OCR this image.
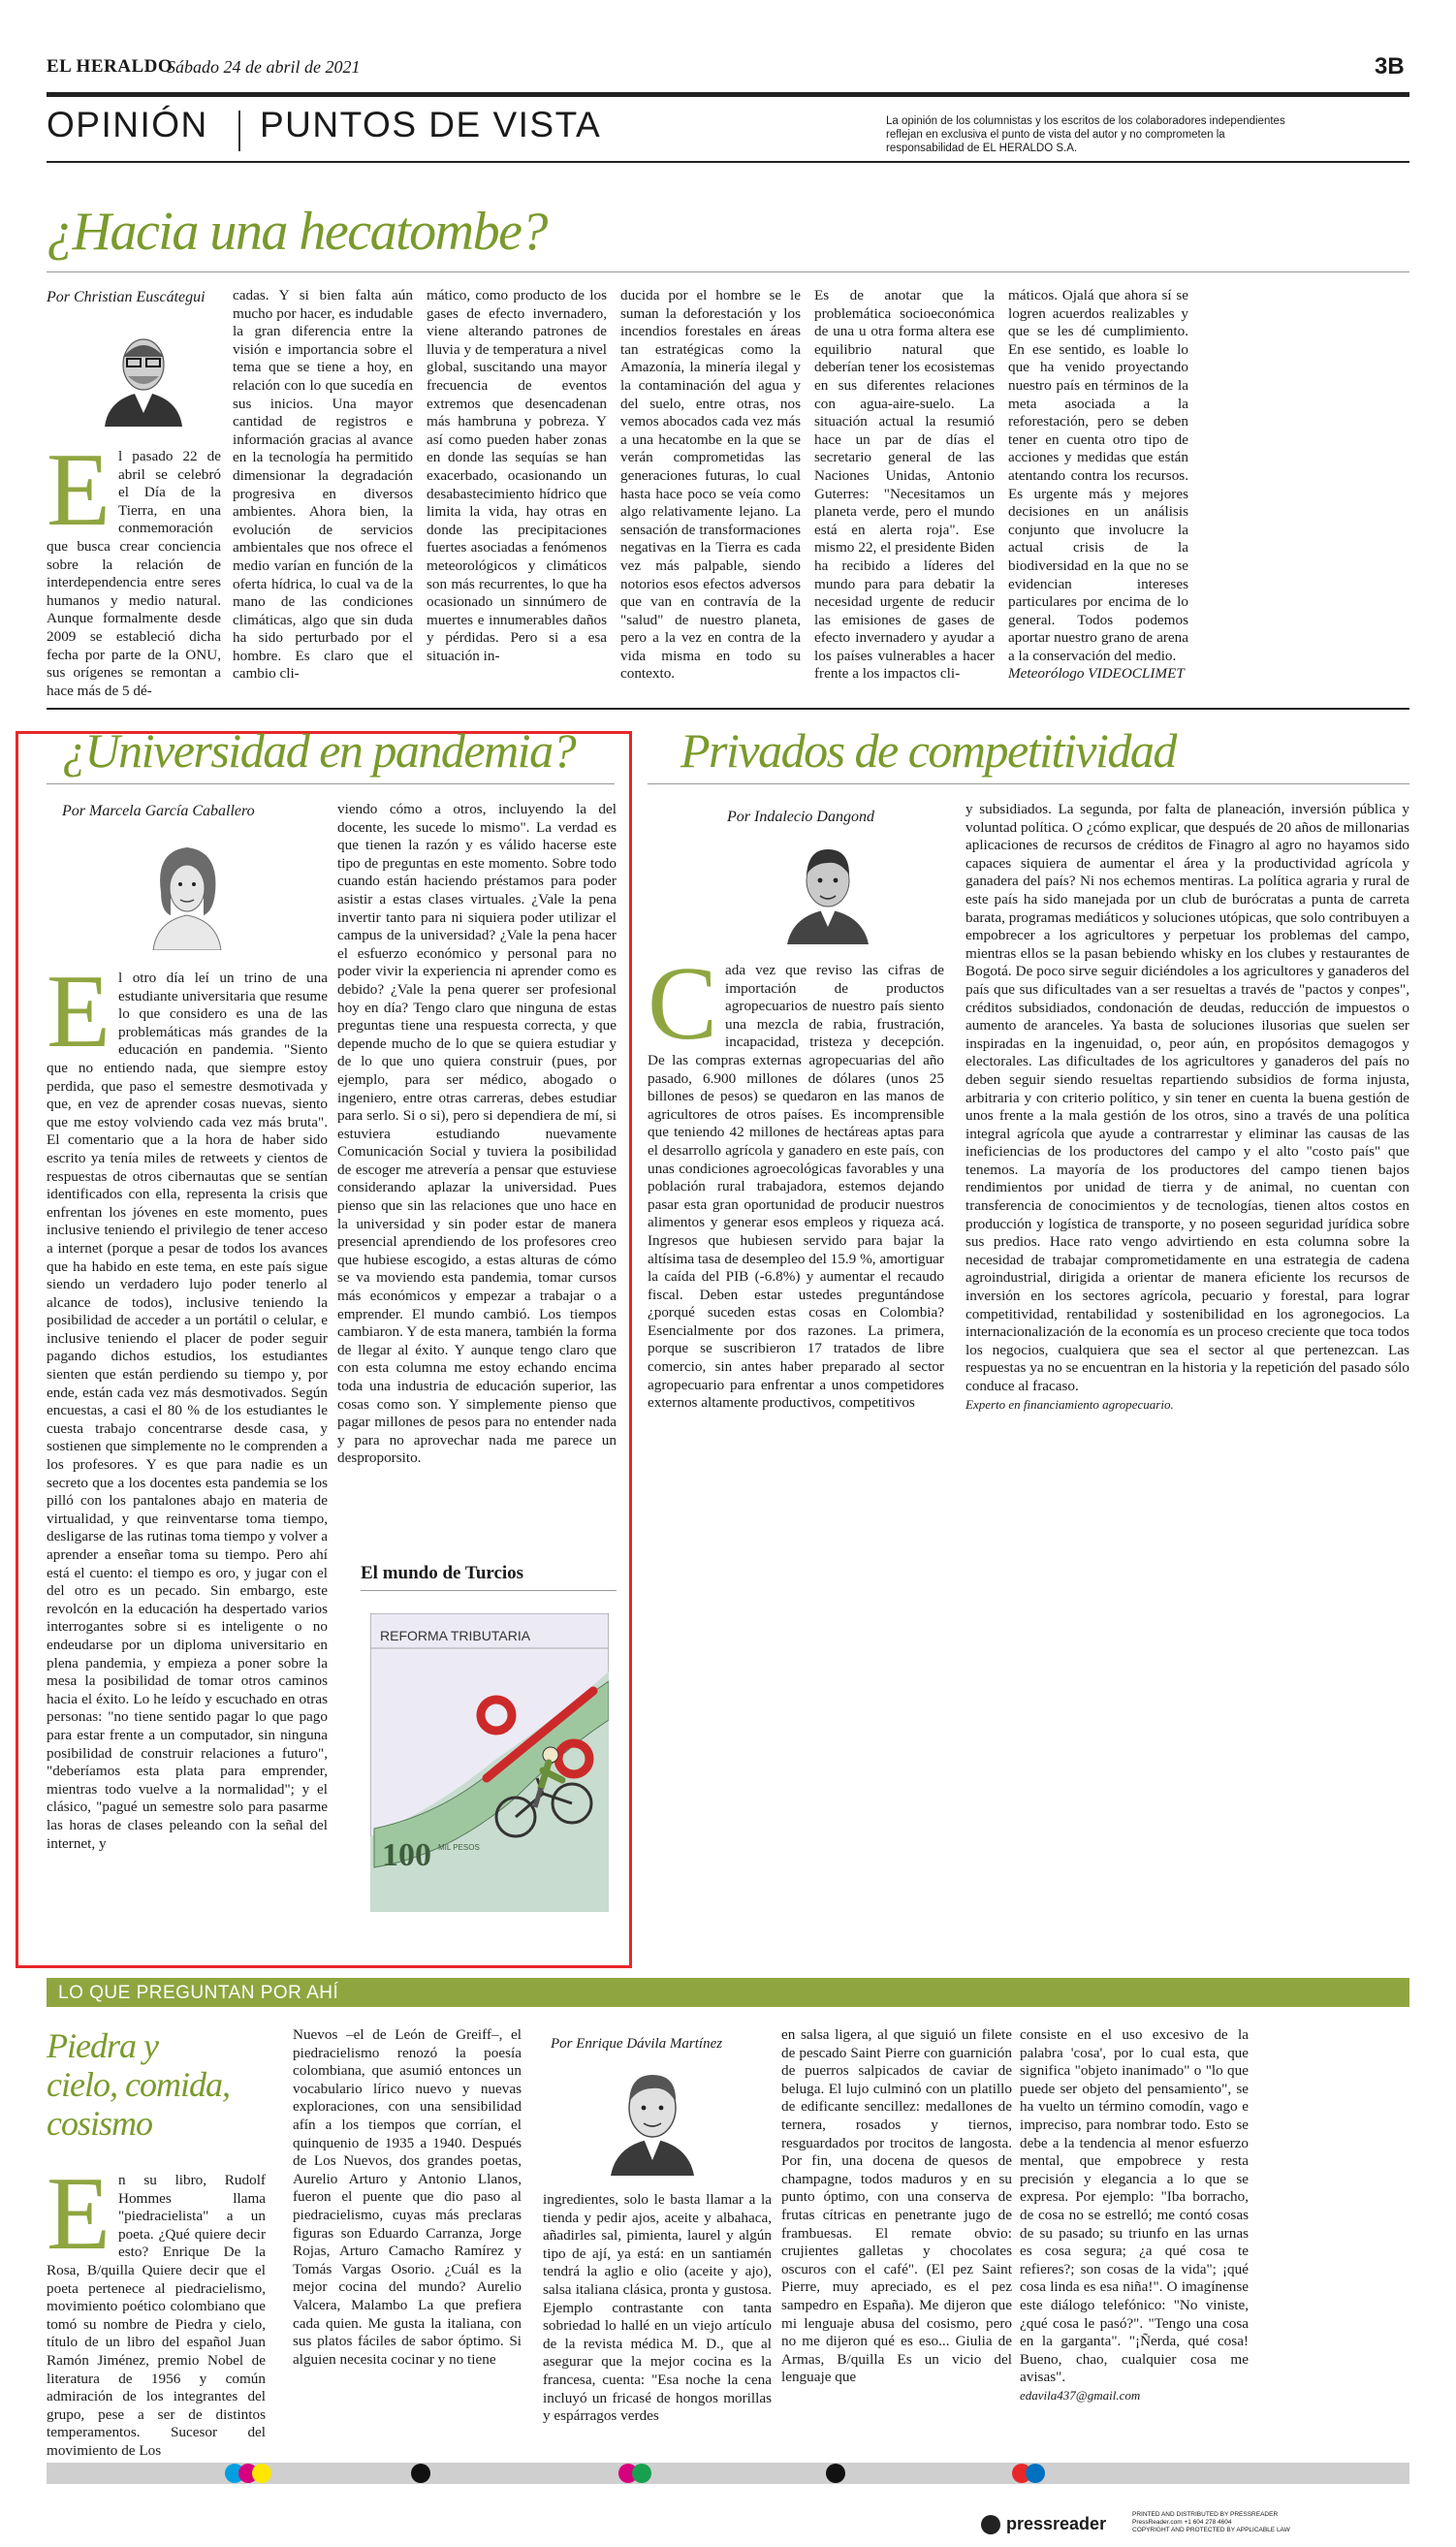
EL HERALDO
Sábado 24 de abril de 2021	3B
OPINIÓN PUNTOS DE VISTA	La opinión de los columnistas y los escritos de los colaboradores independientes reflejan en exclusiva el punto de vista del autor y no comprometen la responsabilidad de EL HERALDO S.A.
¿Hacia una hecatombe?
Por Christian Euscátegui
E l pasado 22 de abril se celebró el Día de la Tierra, en una conmemoración que busca crear conciencia sobre la relación de interdependencia entre seres humanos y medio natural. Aunque formalmente desde 2009 se estableció dicha fecha por parte de la ONU, sus orígenes se remontan a hace más de 5 dé-
cadas. Y si bien falta aún mucho por hacer, es indudable la gran diferencia entre la visión e importancia sobre el tema que se tiene a hoy, en relación con lo que sucedía en sus inicios. Una mayor cantidad de registros e información gracias al avance en la tecnología ha permitido dimensionar la degradación progresiva en diversos ambientes. Ahora bien, la evolución de servicios ambientales que nos ofrece el medio varían en función de la oferta hídrica, lo cual va de la mano de las condiciones climáticas, algo que sin duda ha sido perturbado por el hombre. Es claro que el cambio cli-
mático, como producto de los gases de efecto invernadero, viene alterando patrones de lluvia y de temperatura a nivel global, suscitando una mayor frecuencia de eventos extremos que desencadenan más hambruna y pobreza. Y así como pueden haber zonas en donde las sequías se han exacerbado, ocasionando un desabastecimiento hídrico que limita la vida, hay otras en donde las precipitaciones fuertes asociadas a fenómenos meteorológicos y climáticos son más recurrentes, lo que ha ocasionado un sinnúmero de muertes e innumerables daños y pérdidas. Pero si a esa situación in-
ducida por el hombre se le suman la deforestación y los incendios forestales en áreas tan estratégicas como la Amazonía, la minería ilegal y la contaminación del agua y del suelo, entre otras, nos vemos abocados cada vez más a una hecatombe en la que se verán comprometidas las generaciones futuras, lo cual hasta hace poco se veía como algo relativamente lejano. La sensación de transformaciones negativas en la Tierra es cada vez más palpable, siendo notorios esos efectos adversos que van en contravía de la "salud" de nuestro planeta, pero a la vez en contra de la vida misma en todo su contexto.
Es de anotar que la problemática socioeconómica de una u otra forma altera ese equilibrio natural que deberían tener los ecosistemas en sus diferentes relaciones con agua-aire-suelo. La situación actual la resumió hace un par de días el secretario general de las Naciones Unidas, Antonio Guterres: "Necesitamos un planeta verde, pero el mundo está en alerta roja". Ese mismo 22, el presidente Biden ha recibido a líderes del mundo para para debatir la necesidad urgente de reducir las emisiones de gases de efecto invernadero y ayudar a los países vulnerables a hacer frente a los impactos cli-
máticos. Ojalá que ahora sí se logren acuerdos realizables y que se les dé cumplimiento. En ese sentido, es loable lo que ha venido proyectando nuestro país en términos de la meta asociada a la reforestación, pero se deben tener en cuenta otro tipo de acciones y medidas que están atentando contra los recursos. Es urgente más y mejores decisiones en un análisis conjunto que involucre la actual crisis de la biodiversidad en la que no se evidencian intereses particulares por encima de lo general. Todos podemos aportar nuestro grano de arena a la conservación del medio.
Meteorólogo VIDEOCLIMET
¿Universidad en pandemia?
Por Marcela García Caballero
E l otro día leí un trino de una estudiante universitaria que resume lo que considero es una de las problemáticas más grandes de la educación en pandemia. "Siento que no entiendo nada, que siempre estoy perdida, que paso el semestre desmotivada y que, en vez de aprender cosas nuevas, siento que me estoy volviendo cada vez más bruta". El comentario que a la hora de haber sido escrito ya tenía miles de retweets y cientos de respuestas de otros cibernautas que se sentían identificados con ella, representa la crisis que enfrentan los jóvenes en este momento, pues inclusive teniendo el privilegio de tener acceso a internet (porque a pesar de todos los avances que ha habido en este tema, en este país sigue siendo un verdadero lujo poder tenerlo al alcance de todos), inclusive teniendo la posibilidad de acceder a un portátil o celular, e inclusive teniendo el placer de poder seguir pagando dichos estudios, los estudiantes sienten que están perdiendo su tiempo y, por ende, están cada vez más desmotivados. Según encuestas, a casi el 80 % de los estudiantes le cuesta trabajo concentrarse desde casa, y sostienen que simplemente no le comprenden a los profesores. Y es que para nadie es un secreto que a los docentes esta pandemia se los pilló con los pantalones abajo en materia de virtualidad, y que reinventarse toma tiempo, desligarse de las rutinas toma tiempo y volver a aprender a enseñar toma su tiempo. Pero ahí está el cuento: el tiempo es oro, y jugar con el del otro es un pecado. Sin embargo, este revolcón en la educación ha despertado varios interrogantes sobre si es inteligente o no endeudarse por un diploma universitario en plena pandemia, y empieza a poner sobre la mesa la posibilidad de tomar otros caminos hacia el éxito. Lo he leído y escuchado en otras personas: "no tiene sentido pagar lo que pago para estar frente a un computador, sin ninguna posibilidad de construir relaciones a futuro", "deberíamos esta plata para emprender, mientras todo vuelve a la normalidad"; y el clásico, "pagué un semestre solo para pasarme las horas de clases peleando con la señal del internet, y
viendo cómo a otros, incluyendo la del docente, les sucede lo mismo". La verdad es que tienen la razón y es válido hacerse este tipo de preguntas en este momento. Sobre todo cuando están haciendo préstamos para poder asistir a estas clases virtuales. ¿Vale la pena invertir tanto para ni siquiera poder utilizar el campus de la universidad? ¿Vale la pena hacer el esfuerzo económico y personal para no poder vivir la experiencia ni aprender como es debido? ¿Vale la pena querer ser profesional hoy en día? Tengo claro que ninguna de estas preguntas tiene una respuesta correcta, y que depende mucho de lo que se quiera estudiar y de lo que uno quiera construir (pues, por ejemplo, para ser médico, abogado o ingeniero, entre otras carreras, debes estudiar para serlo. Si o si), pero si dependiera de mí, si estuviera estudiando nuevamente Comunicación Social y tuviera la posibilidad de escoger me atrevería a pensar que estuviese considerando aplazar la universidad. Pues pienso que sin las relaciones que uno hace en la universidad y sin poder estar de manera presencial aprendiendo de los profesores creo que hubiese escogido, a estas alturas de cómo se va moviendo esta pandemia, tomar cursos más económicos y empezar a trabajar o a emprender. El mundo cambió. Los tiempos cambiaron. Y de esta manera, también la forma de llegar al éxito. Y aunque tengo claro que con esta columna me estoy echando encima toda una industria de educación superior, las cosas como son. Y simplemente pienso que pagar millones de pesos para no entender nada y para no aprovechar nada me parece un desproporsito.
El mundo de Turcios
REFORMA TRIBUTARIA
100 MIL PESOS
Privados de competitividad
Por Indalecio Dangond
C ada vez que reviso las cifras de importación de productos agropecuarios de nuestro país siento una mezcla de rabia, frustración, incapacidad, tristeza y decepción. De las compras externas agropecuarias del año pasado, 6.900 millones de dólares (unos 25 billones de pesos) se quedaron en las manos de agricultores de otros países. Es incomprensible que teniendo 42 millones de hectáreas aptas para el desarrollo agrícola y ganadero en este país, con unas condiciones agroecológicas favorables y una población rural trabajadora, estemos dejando pasar esta gran oportunidad de producir nuestros alimentos y generar esos empleos y riqueza acá. Ingresos que hubiesen servido para bajar la altísima tasa de desempleo del 15.9 %, amortiguar la caída del PIB (-6.8%) y aumentar el recaudo fiscal. Deben estar ustedes preguntándose ¿porqué suceden estas cosas en Colombia? Esencialmente por dos razones. La primera, porque se suscribieron 17 tratados de libre comercio, sin antes haber preparado al sector agropecuario para enfrentar a unos competidores externos altamente productivos, competitivos
y subsidiados. La segunda, por falta de planeación, inversión pública y voluntad política. O ¿cómo explicar, que después de 20 años de millonarias aplicaciones de recursos de créditos de Finagro al agro no hayamos sido capaces siquiera de aumentar el área y la productividad agrícola y ganadera del país? Ni nos echemos mentiras. La política agraria y rural de este país ha sido manejada por un club de burócratas a punta de carreta barata, programas mediáticos y soluciones utópicas, que solo contribuyen a empobrecer a los agricultores y perpetuar los problemas del campo, mientras ellos se la pasan bebiendo whisky en los clubes y restaurantes de Bogotá. De poco sirve seguir diciéndoles a los agricultores y ganaderos del país que sus dificultades van a ser resueltas a través de "pactos y conpes", créditos subsidiados, condonación de deudas, reducción de impuestos o aumento de aranceles. Ya basta de soluciones ilusorias que suelen ser inspiradas en la ingenuidad, o, peor aún, en propósitos demagogos y electorales. Las dificultades de los agricultores y ganaderos del país no deben seguir siendo resueltas repartiendo subsidios de forma injusta, arbitraria y con criterio político, y sin tener en cuenta la buena gestión de unos frente a la mala gestión de los otros, sino a través de una política integral agrícola que ayude a contrarrestar y eliminar las causas de las ineficiencias de los productores del campo y el alto "costo país" que tenemos. La mayoría de los productores del campo tienen bajos rendimientos por unidad de tierra y de animal, no cuentan con transferencia de conocimientos y de tecnologías, tienen altos costos en producción y logística de transporte, y no poseen seguridad jurídica sobre sus predios. Hace rato vengo advirtiendo en esta columna sobre la necesidad de trabajar comprometidamente en una estrategia de cadena agroindustrial, dirigida a orientar de manera eficiente los recursos de inversión en los sectores agrícola, pecuario y forestal, para lograr competitividad, rentabilidad y sostenibilidad en los agronegocios. La internacionalización de la economía es un proceso creciente que toca todos los negocios, cualquiera que sea el sector al que pertenezcan. Las respuestas ya no se encuentran en la historia y la repetición del pasado sólo conduce al fracaso.
Experto en financiamiento agropecuario.
LO QUE PREGUNTAN POR AHÍ
Piedra y
cielo, comida,
cosismo
E n su libro, Rudolf Hommes llama "piedracielista" a un poeta. ¿Qué quiere decir esto? Enrique De la Rosa, B/quilla Quiere decir que el poeta pertenece al piedracielismo, movimiento poético colombiano que tomó su nombre de Piedra y cielo, título de un libro del español Juan Ramón Jiménez, premio Nobel de literatura de 1956 y común admiración de los integrantes del grupo, pese a ser de distintos temperamentos. Sucesor del movimiento de Los
Nuevos –el de León de Greiff–, el piedracielismo renozó la poesía colombiana, que asumió entonces un vocabulario lírico nuevo y nuevas exploraciones, con una sensibilidad afín a los tiempos que corrían, el quinquenio de 1935 a 1940. Después de Los Nuevos, dos grandes poetas, Aurelio Arturo y Antonio Llanos, fueron el puente que dio paso al piedracielismo, cuyas más preclaras figuras son Eduardo Carranza, Jorge Rojas, Arturo Camacho Ramírez y Tomás Vargas Osorio. ¿Cuál es la mejor cocina del mundo? Aurelio Valcera, Malambo La que prefiera cada quien. Me gusta la italiana, con sus platos fáciles de sabor óptimo. Si alguien necesita cocinar y no tiene
Por Enrique Dávila Martínez
ingredientes, solo le basta llamar a la tienda y pedir ajos, aceite y albahaca, añadirles sal, pimienta, laurel y algún tipo de ají, ya está: en un santiamén tendrá la aglio e olio (aceite y ajo), salsa italiana clásica, pronta y gustosa. Ejemplo contrastante con tanta sobriedad lo hallé en un viejo artículo de la revista médica M. D., que al asegurar que la mejor cocina es la francesa, cuenta: "Esa noche la cena incluyó un fricasé de hongos morillas y espárragos verdes
en salsa ligera, al que siguió un filete de pescado Saint Pierre con guarnición de puerros salpicados de caviar de beluga. El lujo culminó con un platillo de edificante sencillez: medallones de ternera, rosados y tiernos, resguardados por trocitos de langosta. Por fin, una docena de quesos de champagne, todos maduros y en su punto óptimo, con una conserva de frutas cítricas en penetrante jugo de frambuesas. El remate obvio: crujientes galletas y chocolates oscuros con el café". (El pez Saint Pierre, muy apreciado, es el pez sampedro en España). Me dijeron que mi lenguaje abusa del cosismo, pero no me dijeron qué es eso... Giulia de Armas, B/quilla Es un vicio del lenguaje que
consiste en el uso excesivo de la palabra 'cosa', por lo cual esta, que significa "objeto inanimado" o "lo que puede ser objeto del pensamiento", se ha vuelto un término comodín, vago e impreciso, para nombrar todo. Esto se debe a la tendencia al menor esfuerzo mental, que empobrece y resta precisión y elegancia a lo que se expresa. Por ejemplo: "Iba borracho, de cosa no se estrelló; me contó cosas de su pasado; su triunfo en las urnas es cosa segura; ¿a qué cosa te refieres?; son cosas de la vida"; ¡qué cosa linda es esa niña!". O imagínense este diálogo telefónico: "No viniste, ¿qué cosa le pasó?". "Tengo una cosa en la garganta". "¡Ñerda, qué cosa! Bueno, chao, cualquier cosa me avisas".
edavila437@gmail.com
pressreader	PRINTED AND DISTRIBUTED BY PRESSREADER
PressReader.com +1 604 278 4604
COPYRIGHT AND PROTECTED BY APPLICABLE LAW
